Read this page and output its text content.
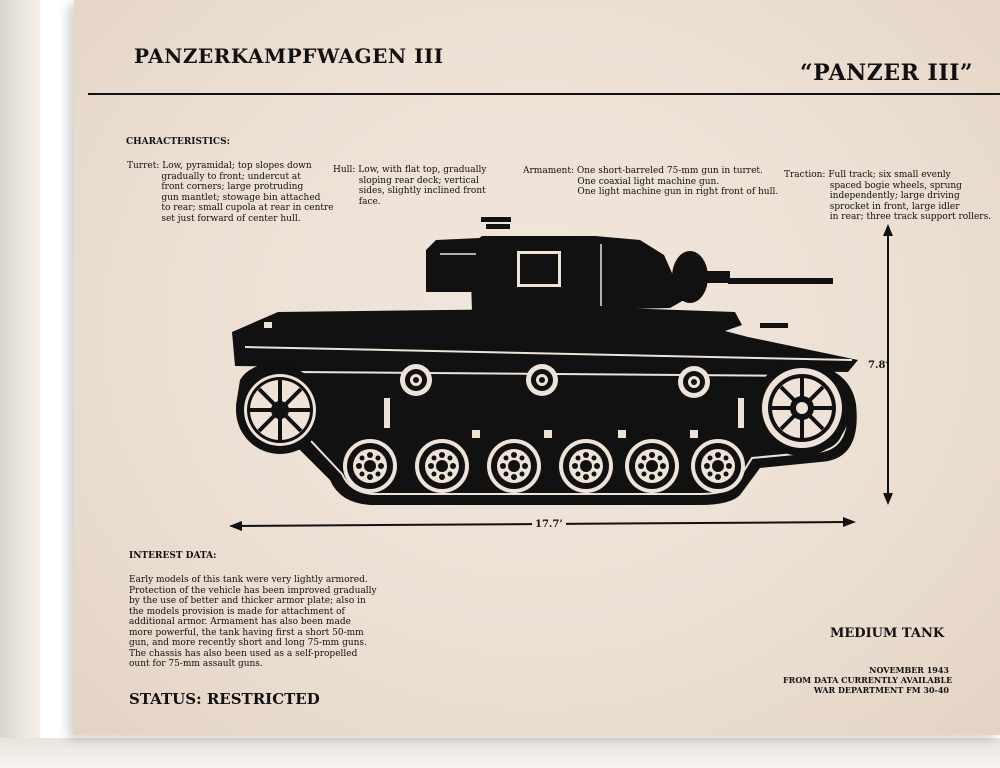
PANZERKAMPFWAGEN III
“PANZER III”
CHARACTERISTICS:
Turret: Low, pyramidal; top slopes down
gradually to front; undercut at
front corners; large protruding
gun mantlet; stowage bin attached
to rear; small cupola at rear in centre
set just forward of center hull.
Hull: Low, with flat top, gradually
sloping rear deck; vertical
sides, slightly inclined front
face.
Armament: One short-barreled 75-mm gun in turret.
One coaxial light machine gun.
One light machine gun in right front of hull.
Traction: Full track; six small evenly
spaced bogie wheels, sprung
independently; large driving
sprocket in front, large idler
in rear; three track support rollers.
7.8’
17.7’
INTEREST DATA:
Early models of this tank were very lightly armored.
Protection of the vehicle has been improved gradually
by the use of better and thicker armor plate; also in
the models provision is made for attachment of
additional armor. Armament has also been made
more powerful, the tank having first a short 50-mm
gun, and more recently short and long 75-mm guns.
The chassis has also been used as a self-propelled
ount for 75-mm assault guns.
MEDIUM TANK
NOVEMBER 1943
FROM DATA CURRENTLY AVAILABLE
WAR DEPARTMENT FM 30-40
STATUS: RESTRICTED
